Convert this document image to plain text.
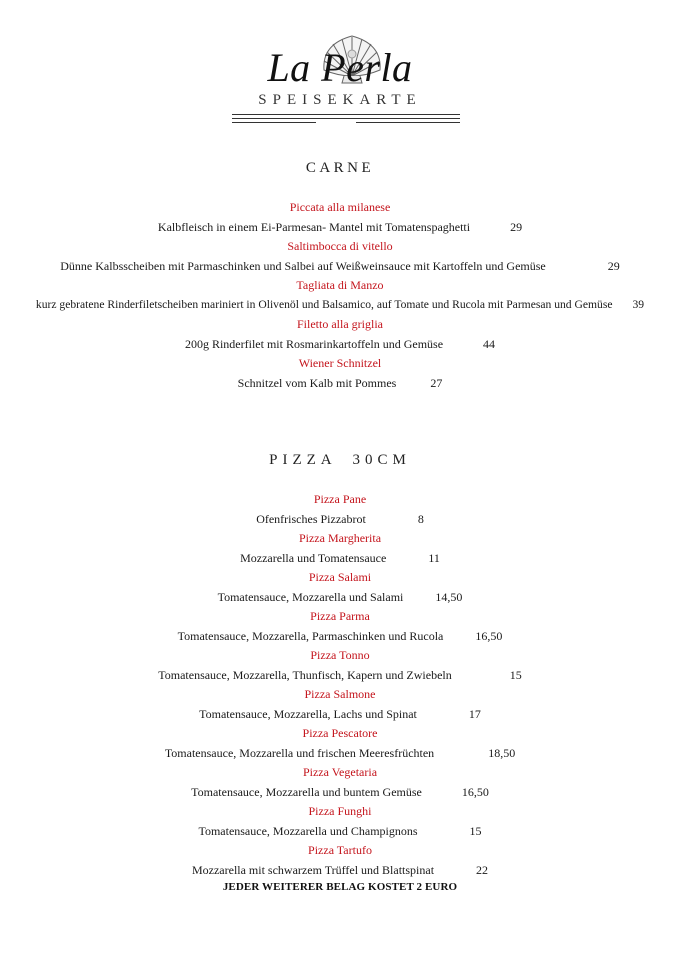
La Perla
SPEISEKARTE
CARNE
Piccata alla milanese
Kalbfleisch in einem Ei-Parmesan- Mantel mit Tomatenspaghetti	29
Saltimbocca di vitello
Dünne Kalbsscheiben mit Parmaschinken und Salbei auf Weißweinsauce mit Kartoffeln und Gemüse	29
Tagliata di Manzo
kurz gebratene Rinderfiletscheiben mariniert in Olivenöl und Balsamico, auf Tomate und Rucola mit Parmesan und Gemüse 39
Filetto alla griglia
200g Rinderfilet mit Rosmarinkartoffeln und Gemüse	44
Wiener Schnitzel
Schnitzel vom Kalb mit Pommes	27
PIZZA 30CM
Pizza Pane
Ofenfrisches Pizzabrot	8
Pizza Margherita
Mozzarella und Tomatensauce	11
Pizza Salami
Tomatensauce, Mozzarella und Salami	14,50
Pizza Parma
Tomatensauce, Mozzarella, Parmaschinken und Rucola	16,50
Pizza Tonno
Tomatensauce, Mozzarella, Thunfisch, Kapern und Zwiebeln	15
Pizza Salmone
Tomatensauce, Mozzarella, Lachs und Spinat	17
Pizza Pescatore
Tomatensauce, Mozzarella und frischen Meeresfrüchten	18,50
Pizza Vegetaria
Tomatensauce, Mozzarella und buntem Gemüse	16,50
Pizza Funghi
Tomatensauce, Mozzarella und Champignons	15
Pizza Tartufo
Mozzarella mit schwarzem Trüffel und Blattspinat	22
JEDER WEITERER BELAG KOSTET 2 EURO
